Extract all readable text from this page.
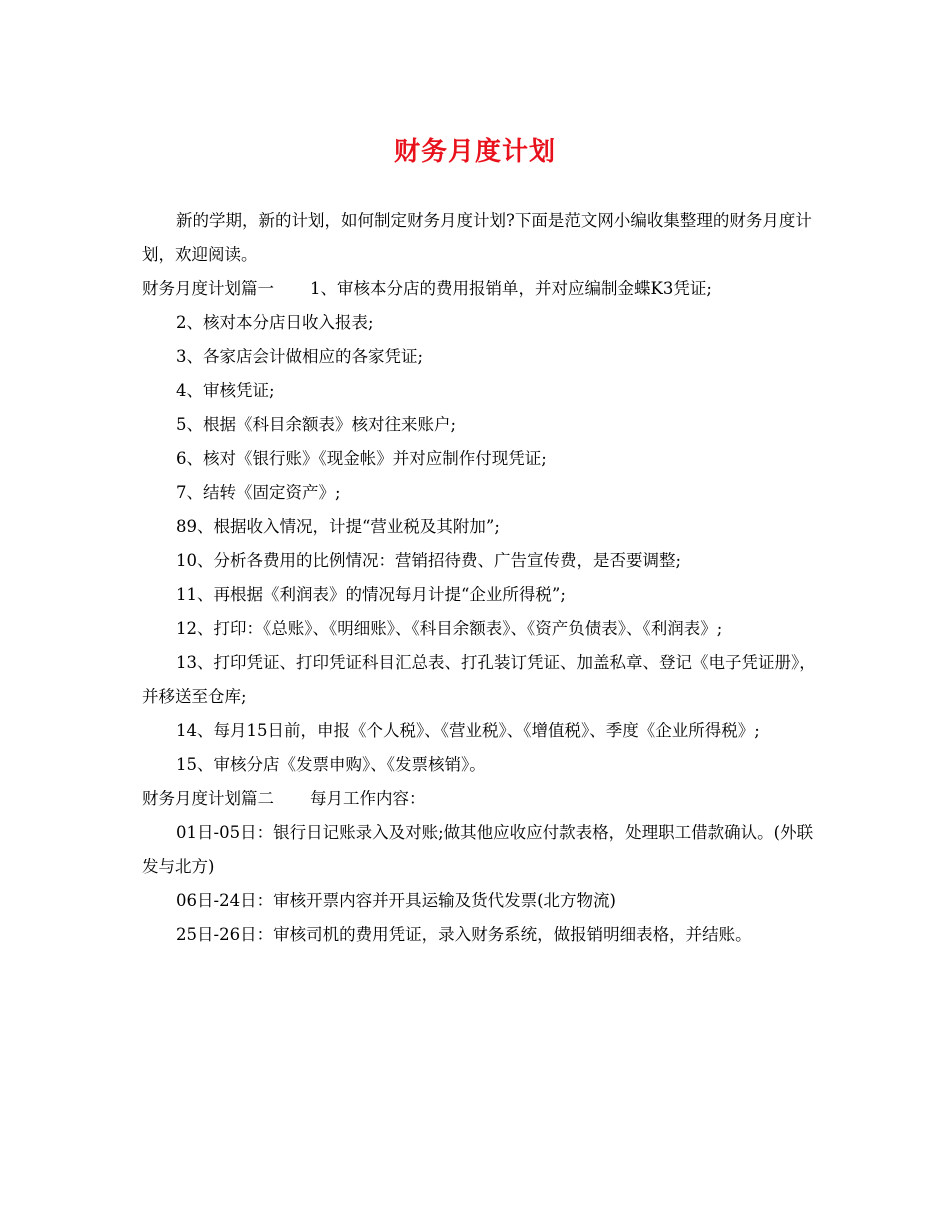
财务月度计划

新的学期，新的计划，如何制定财务月度计划?下面是范文网小编收集整理的财务月度计划，欢迎阅读。

财务月度计划篇一 1、审核本分店的费用报销单，并对应编制金蝶K3凭证;

2、核对本分店日收入报表;

3、各家店会计做相应的各家凭证;

4、审核凭证;

5、根据《科目余额表》核对往来账户;

6、核对《银行账》《现金帐》并对应制作付现凭证;

7、结转《固定资产》;

89、根据收入情况，计提“营业税及其附加”;

10、分析各费用的比例情况：营销招待费、广告宣传费，是否要调整;

11、再根据《利润表》的情况每月计提“企业所得税”;

12、打印：《总账》、《明细账》、《科目余额表》、《资产负债表》、《利润表》;

13、打印凭证、打印凭证科目汇总表、打孔装订凭证、加盖私章、登记《电子凭证册》，并移送至仓库;

14、每月15日前，申报《个人税》、《营业税》、《增值税》、季度《企业所得税》;

15、审核分店《发票申购》、《发票核销》。

财务月度计划篇二 每月工作内容：

01日-05日：银行日记账录入及对账;做其他应收应付款表格，处理职工借款确认。(外联发与北方)

06日-24日：审核开票内容并开具运输及货代发票(北方物流)

25日-26日：审核司机的费用凭证，录入财务系统，做报销明细表格，并结账。
